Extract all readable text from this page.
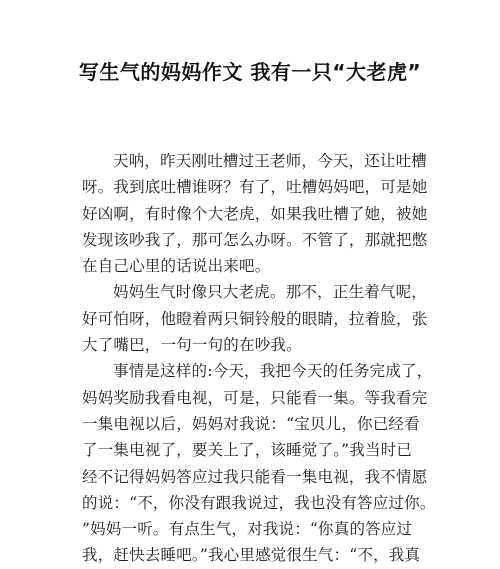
写生气的妈妈作文 我有一只“大老虎”

天呐，昨天刚吐槽过王老师，今天，还让吐槽
呀。我到底吐槽谁呀？有了，吐槽妈妈吧，可是她
好凶啊，有时像个大老虎，如果我吐槽了她，被她
发现该吵我了，那可怎么办呀。不管了，那就把憋
在自己心里的话说出来吧。

妈妈生气时像只大老虎。那不，正生着气呢，
好可怕呀，他瞪着两只铜铃般的眼睛，拉着脸，张
大了嘴巴，一句一句的在吵我。

事情是这样的:今天，我把今天的任务完成了，
妈妈奖励我看电视，可是，只能看一集。等我看完
一集电视以后，妈妈对我说：“宝贝儿，你已经看
了一集电视了，要关上了，该睡觉了。”我当时已
经不记得妈妈答应过我只能看一集电视，我不情愿
的说：“不，你没有跟我说过，我也没有答应过你。
”妈妈一听。有点生气，对我说：“你真的答应过
我，赶快去睡吧。”我心里感觉很生气：“不，我真
